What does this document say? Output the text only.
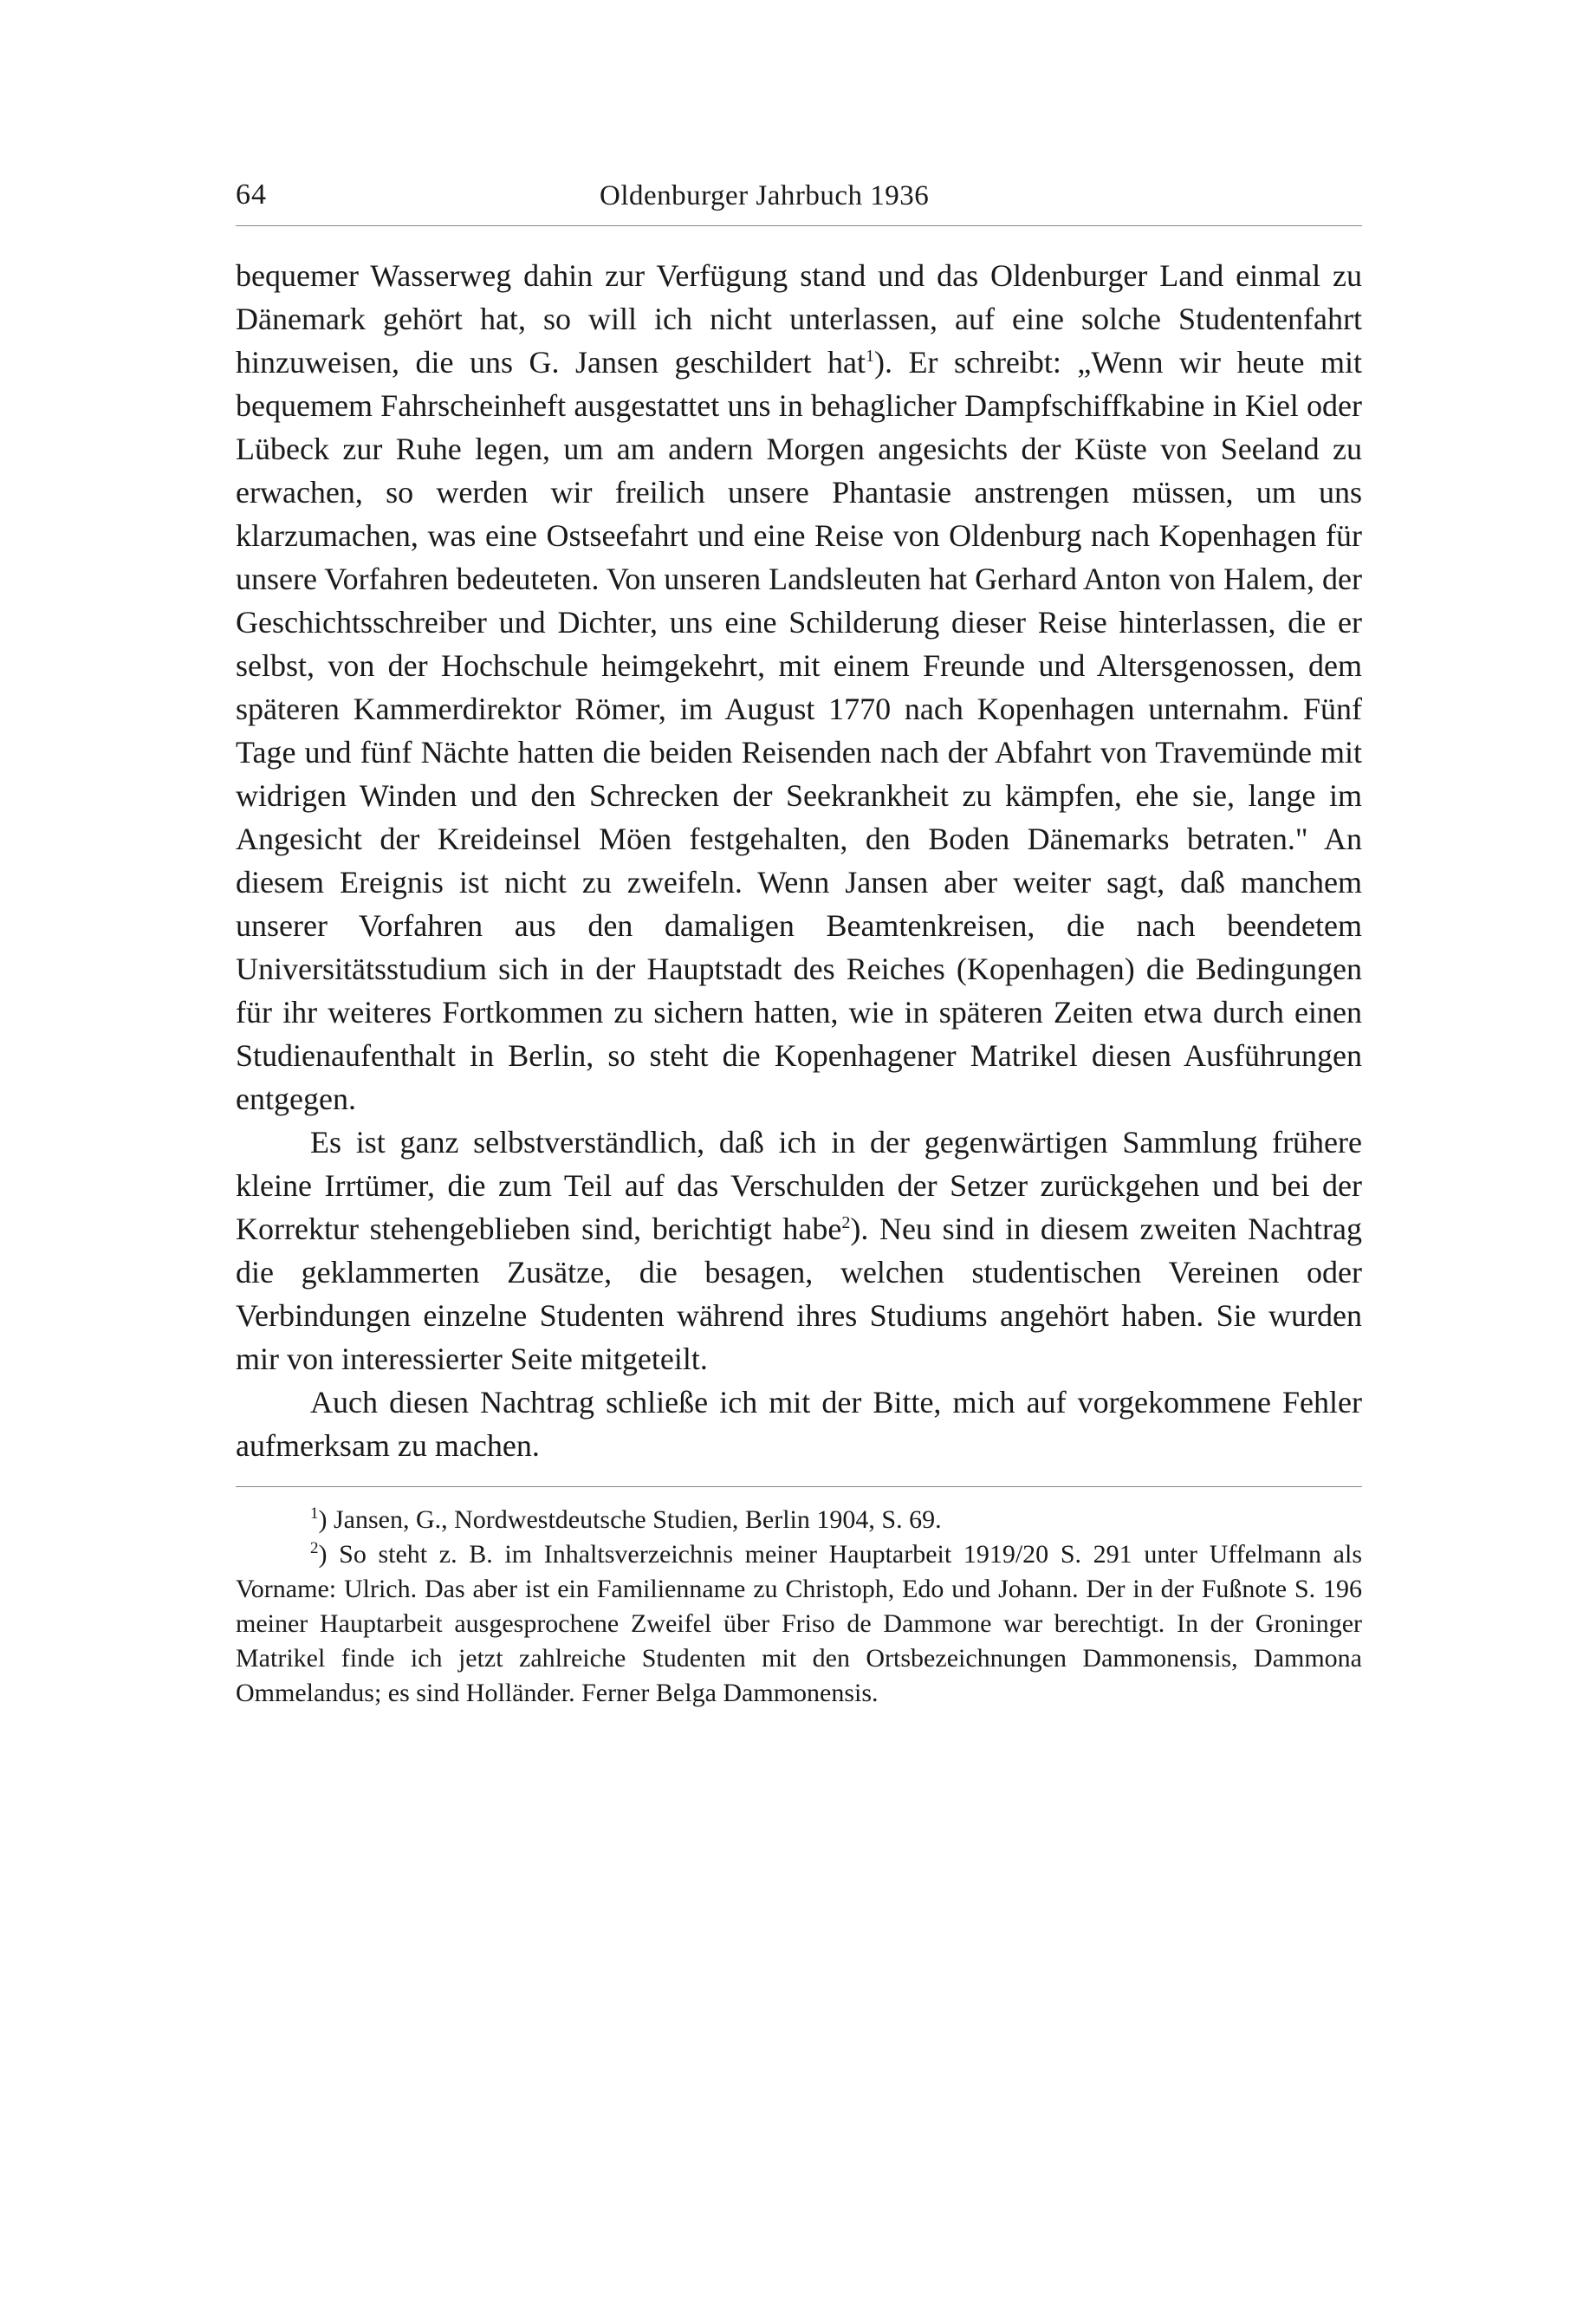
64	Oldenburger Jahrbuch 1936

bequemer Wasserweg dahin zur Verfügung stand und das Oldenburger Land einmal zu Dänemark gehört hat, so will ich nicht unterlassen, auf eine solche Studentenfahrt hinzuweisen, die uns G. Jansen geschildert hat$^1$). Er schreibt: „Wenn wir heute mit bequemem Fahrscheinheft ausgestattet uns in behaglicher Dampfschiffkabine in Kiel oder Lübeck zur Ruhe legen, um am andern Morgen angesichts der Küste von Seeland zu erwachen, so werden wir freilich unsere Phantasie anstrengen müssen, um uns klarzumachen, was eine Ostseefahrt und eine Reise von Oldenburg nach Kopenhagen für unsere Vorfahren bedeuteten. Von unseren Landsleuten hat Gerhard Anton von Halem, der Geschichtsschreiber und Dichter, uns eine Schilderung dieser Reise hinterlassen, die er selbst, von der Hochschule heimgekehrt, mit einem Freunde und Altersgenossen, dem späteren Kammerdirektor Römer, im August 1770 nach Kopenhagen unternahm. Fünf Tage und fünf Nächte hatten die beiden Reisenden nach der Abfahrt von Travemünde mit widrigen Winden und den Schrecken der Seekrankheit zu kämpfen, ehe sie, lange im Angesicht der Kreideinsel Möen festgehalten, den Boden Dänemarks betraten." An diesem Ereignis ist nicht zu zweifeln. Wenn Jansen aber weiter sagt, daß manchem unserer Vorfahren aus den damaligen Beamtenkreisen, die nach beendetem Universitätsstudium sich in der Hauptstadt des Reiches (Kopenhagen) die Bedingungen für ihr weiteres Fortkommen zu sichern hatten, wie in späteren Zeiten etwa durch einen Studienaufenthalt in Berlin, so steht die Kopenhagener Matrikel diesen Ausführungen entgegen.

Es ist ganz selbstverständlich, daß ich in der gegenwärtigen Sammlung frühere kleine Irrtümer, die zum Teil auf das Verschulden der Setzer zurückgehen und bei der Korrektur stehengeblieben sind, berichtigt habe$^2$). Neu sind in diesem zweiten Nachtrag die geklammerten Zusätze, die besagen, welchen studentischen Vereinen oder Verbindungen einzelne Studenten während ihres Studiums angehört haben. Sie wurden mir von interessierter Seite mitgeteilt.

Auch diesen Nachtrag schließe ich mit der Bitte, mich auf vorgekommene Fehler aufmerksam zu machen.

$^1$) Jansen, G., Nordwestdeutsche Studien, Berlin 1904, S. 69.

$^2$) So steht z. B. im Inhaltsverzeichnis meiner Hauptarbeit 1919/20 S. 291 unter Uffelmann als Vorname: Ulrich. Das aber ist ein Familienname zu Christoph, Edo und Johann. Der in der Fußnote S. 196 meiner Hauptarbeit ausgesprochene Zweifel über Friso de Dammone war berechtigt. In der Groninger Matrikel finde ich jetzt zahlreiche Studenten mit den Ortsbezeichnungen Dammonensis, Dammona Ommelandus; es sind Holländer. Ferner Belga Dammonensis.
